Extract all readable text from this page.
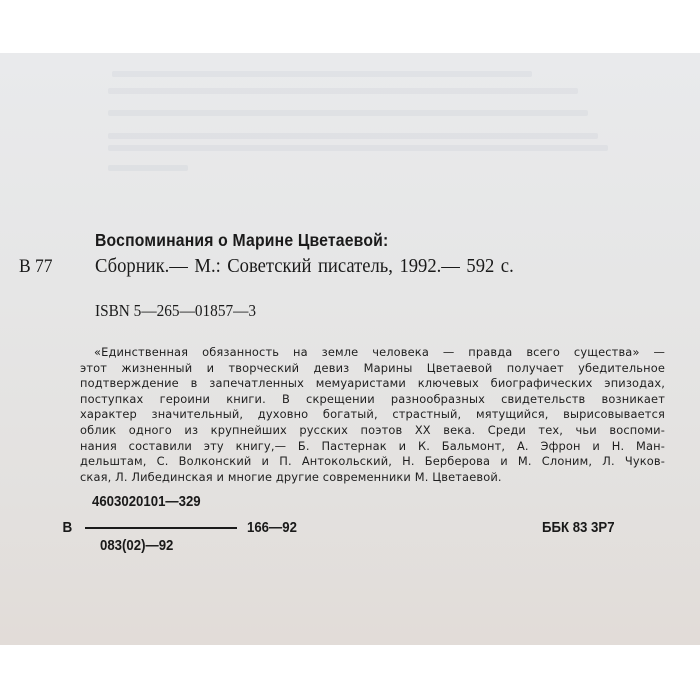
Воспоминания о Марине Цветаевой:
В 77 Сборник.— М.: Советский писатель, 1992.— 592 с.
ISBN 5—265—01857—3
«Единственная обязанность на земле человека — правда всего существа» —
этот жизненный и творческий девиз Марины Цветаевой получает убедительное
подтверждение в запечатленных мемуаристами ключевых биографических эпизодах,
поступках героини книги. В скрещении разнообразных свидетельств возникает
характер значительный, духовно богатый, страстный, мятущийся, вырисовывается
облик одного из крупнейших русских поэтов XX века. Среди тех, чьи воспоми-
нания составили эту книгу,— Б. Пастернак и К. Бальмонт, А. Эфрон и Н. Ман-
дельштам, С. Волконский и П. Антокольский, Н. Берберова и М. Слоним, Л. Чуков-
ская, Л. Либединская и многие другие современники М. Цветаевой.
В
4603020101—329
083(02)—92
166—92	ББК 83 3Р7
